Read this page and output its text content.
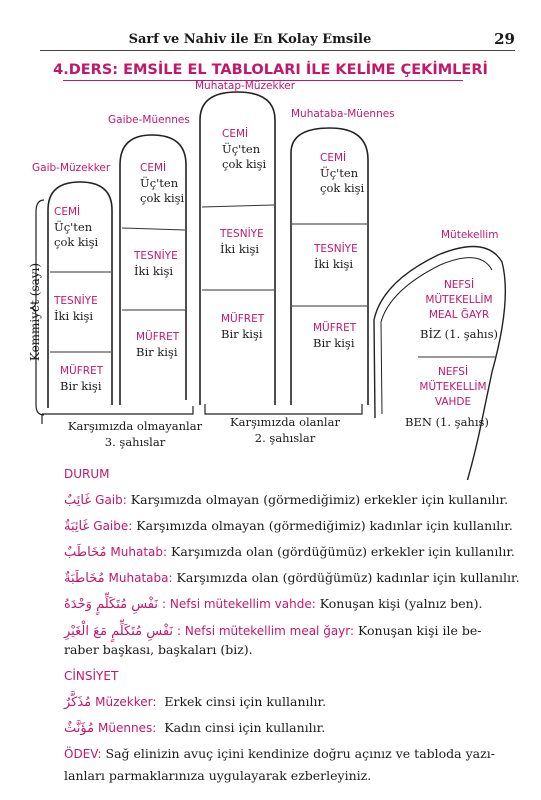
Sarf ve Nahiv ile En Kolay Emsile	29
4.DERS: EMSİLE EL TABLOLARI İLE KELİME ÇEKİMLERİ
Kemmiyet (sayı)
Gaib-Müzekker
Gaibe-Müennes
Muhatap-Müzekker
Muhataba-Müennes
Mütekellim
CEMİ
Üç'ten
çok kişi
TESNİYE
İki kişi
MÜFRET
Bir kişi
CEMİ
Üç'ten
çok kişi
TESNİYE
İki kişi
MÜFRET
Bir kişi
CEMİ
Üç'ten
çok kişi
TESNİYE
İki kişi
MÜFRET
Bir kişi
CEMİ
Üç'ten
çok kişi
TESNİYE
İki kişi
MÜFRET
Bir kişi
NEFSİ
MÜTEKELLİM
MEAL ĞAYR
BİZ (1. şahıs)
NEFSİ
MÜTEKELLİM
VAHDE
BEN (1. şahıs)
Karşımızda olmayanlar
3. şahıslar
Karşımızda olanlar
2. şahıslar
DURUM
غَائِبٌ Gaib: Karşımızda olmayan (görmediğimiz) erkekler için kullanılır.
غَائِبَةٌ Gaibe: Karşımızda olmayan (görmediğimiz) kadınlar için kullanılır.
مُخَاطَبٌ Muhatab: Karşımızda olan (gördüğümüz) erkekler için kullanılır.
مُخَاطَبَةٌ Muhataba: Karşımızda olan (gördüğümüz) kadınlar için kullanılır.
نَفْسِ مُتَكَلِّمٍ وَحْدَهُ : Nefsi mütekellim vahde: Konuşan kişi (yalnız ben).
نَفْسِ مُتَكَلِّمٍ مَعَ الْغَيْرِ : Nefsi mütekellim meal ğayr: Konuşan kişi ile be-
raber başkası, başkaları (biz).
CİNSİYET
مُذَكَّرٌ Müzekker: Erkek cinsi için kullanılır.
مُؤَنَّثٌ Müennes: Kadın cinsi için kullanılır.
ÖDEV: Sağ elinizin avuç içini kendinize doğru açınız ve tabloda yazı-
lanları parmaklarınıza uygulayarak ezberleyiniz.
